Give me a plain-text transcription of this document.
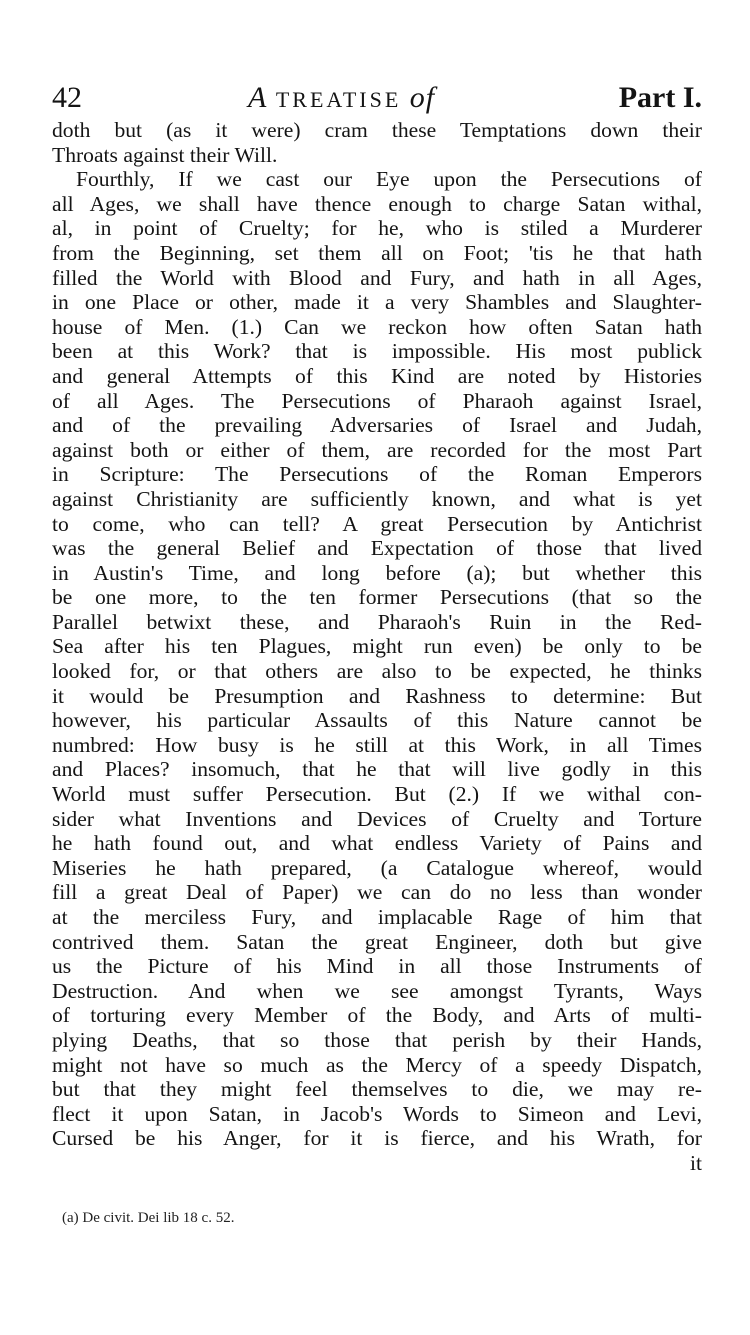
42	A TREATISE of	Part I.
doth but (as it were) cram these Temptations down their
Throats against their Will.
Fourthly, If we cast our Eye upon the Persecutions of
all Ages, we shall have thence enough to charge Satan withal,
al, in point of Cruelty; for he, who is stiled a Murderer
from the Beginning, set them all on Foot; 'tis he that hath
filled the World with Blood and Fury, and hath in all Ages,
in one Place or other, made it a very Shambles and Slaughter-
house of Men. (1.) Can we reckon how often Satan hath
been at this Work? that is impossible. His most publick
and general Attempts of this Kind are noted by Histories
of all Ages. The Persecutions of Pharaoh against Israel,
and of the prevailing Adversaries of Israel and Judah,
against both or either of them, are recorded for the most Part
in Scripture: The Persecutions of the Roman Emperors
against Christianity are sufficiently known, and what is yet
to come, who can tell? A great Persecution by Antichrist
was the general Belief and Expectation of those that lived
in Austin's Time, and long before (a); but whether this
be one more, to the ten former Persecutions (that so the
Parallel betwixt these, and Pharaoh's Ruin in the Red-
Sea after his ten Plagues, might run even) be only to be
looked for, or that others are also to be expected, he thinks
it would be Presumption and Rashness to determine: But
however, his particular Assaults of this Nature cannot be
numbred: How busy is he still at this Work, in all Times
and Places? insomuch, that he that will live godly in this
World must suffer Persecution. But (2.) If we withal con-
sider what Inventions and Devices of Cruelty and Torture
he hath found out, and what endless Variety of Pains and
Miseries he hath prepared, (a Catalogue whereof, would
fill a great Deal of Paper) we can do no less than wonder
at the merciless Fury, and implacable Rage of him that
contrived them. Satan the great Engineer, doth but give
us the Picture of his Mind in all those Instruments of
Destruction. And when we see amongst Tyrants, Ways
of torturing every Member of the Body, and Arts of multi-
plying Deaths, that so those that perish by their Hands,
might not have so much as the Mercy of a speedy Dispatch,
but that they might feel themselves to die, we may re-
flect it upon Satan, in Jacob's Words to Simeon and Levi,
Cursed be his Anger, for it is fierce, and his Wrath, for
it
(a) De civit. Dei lib 18 c. 52.
